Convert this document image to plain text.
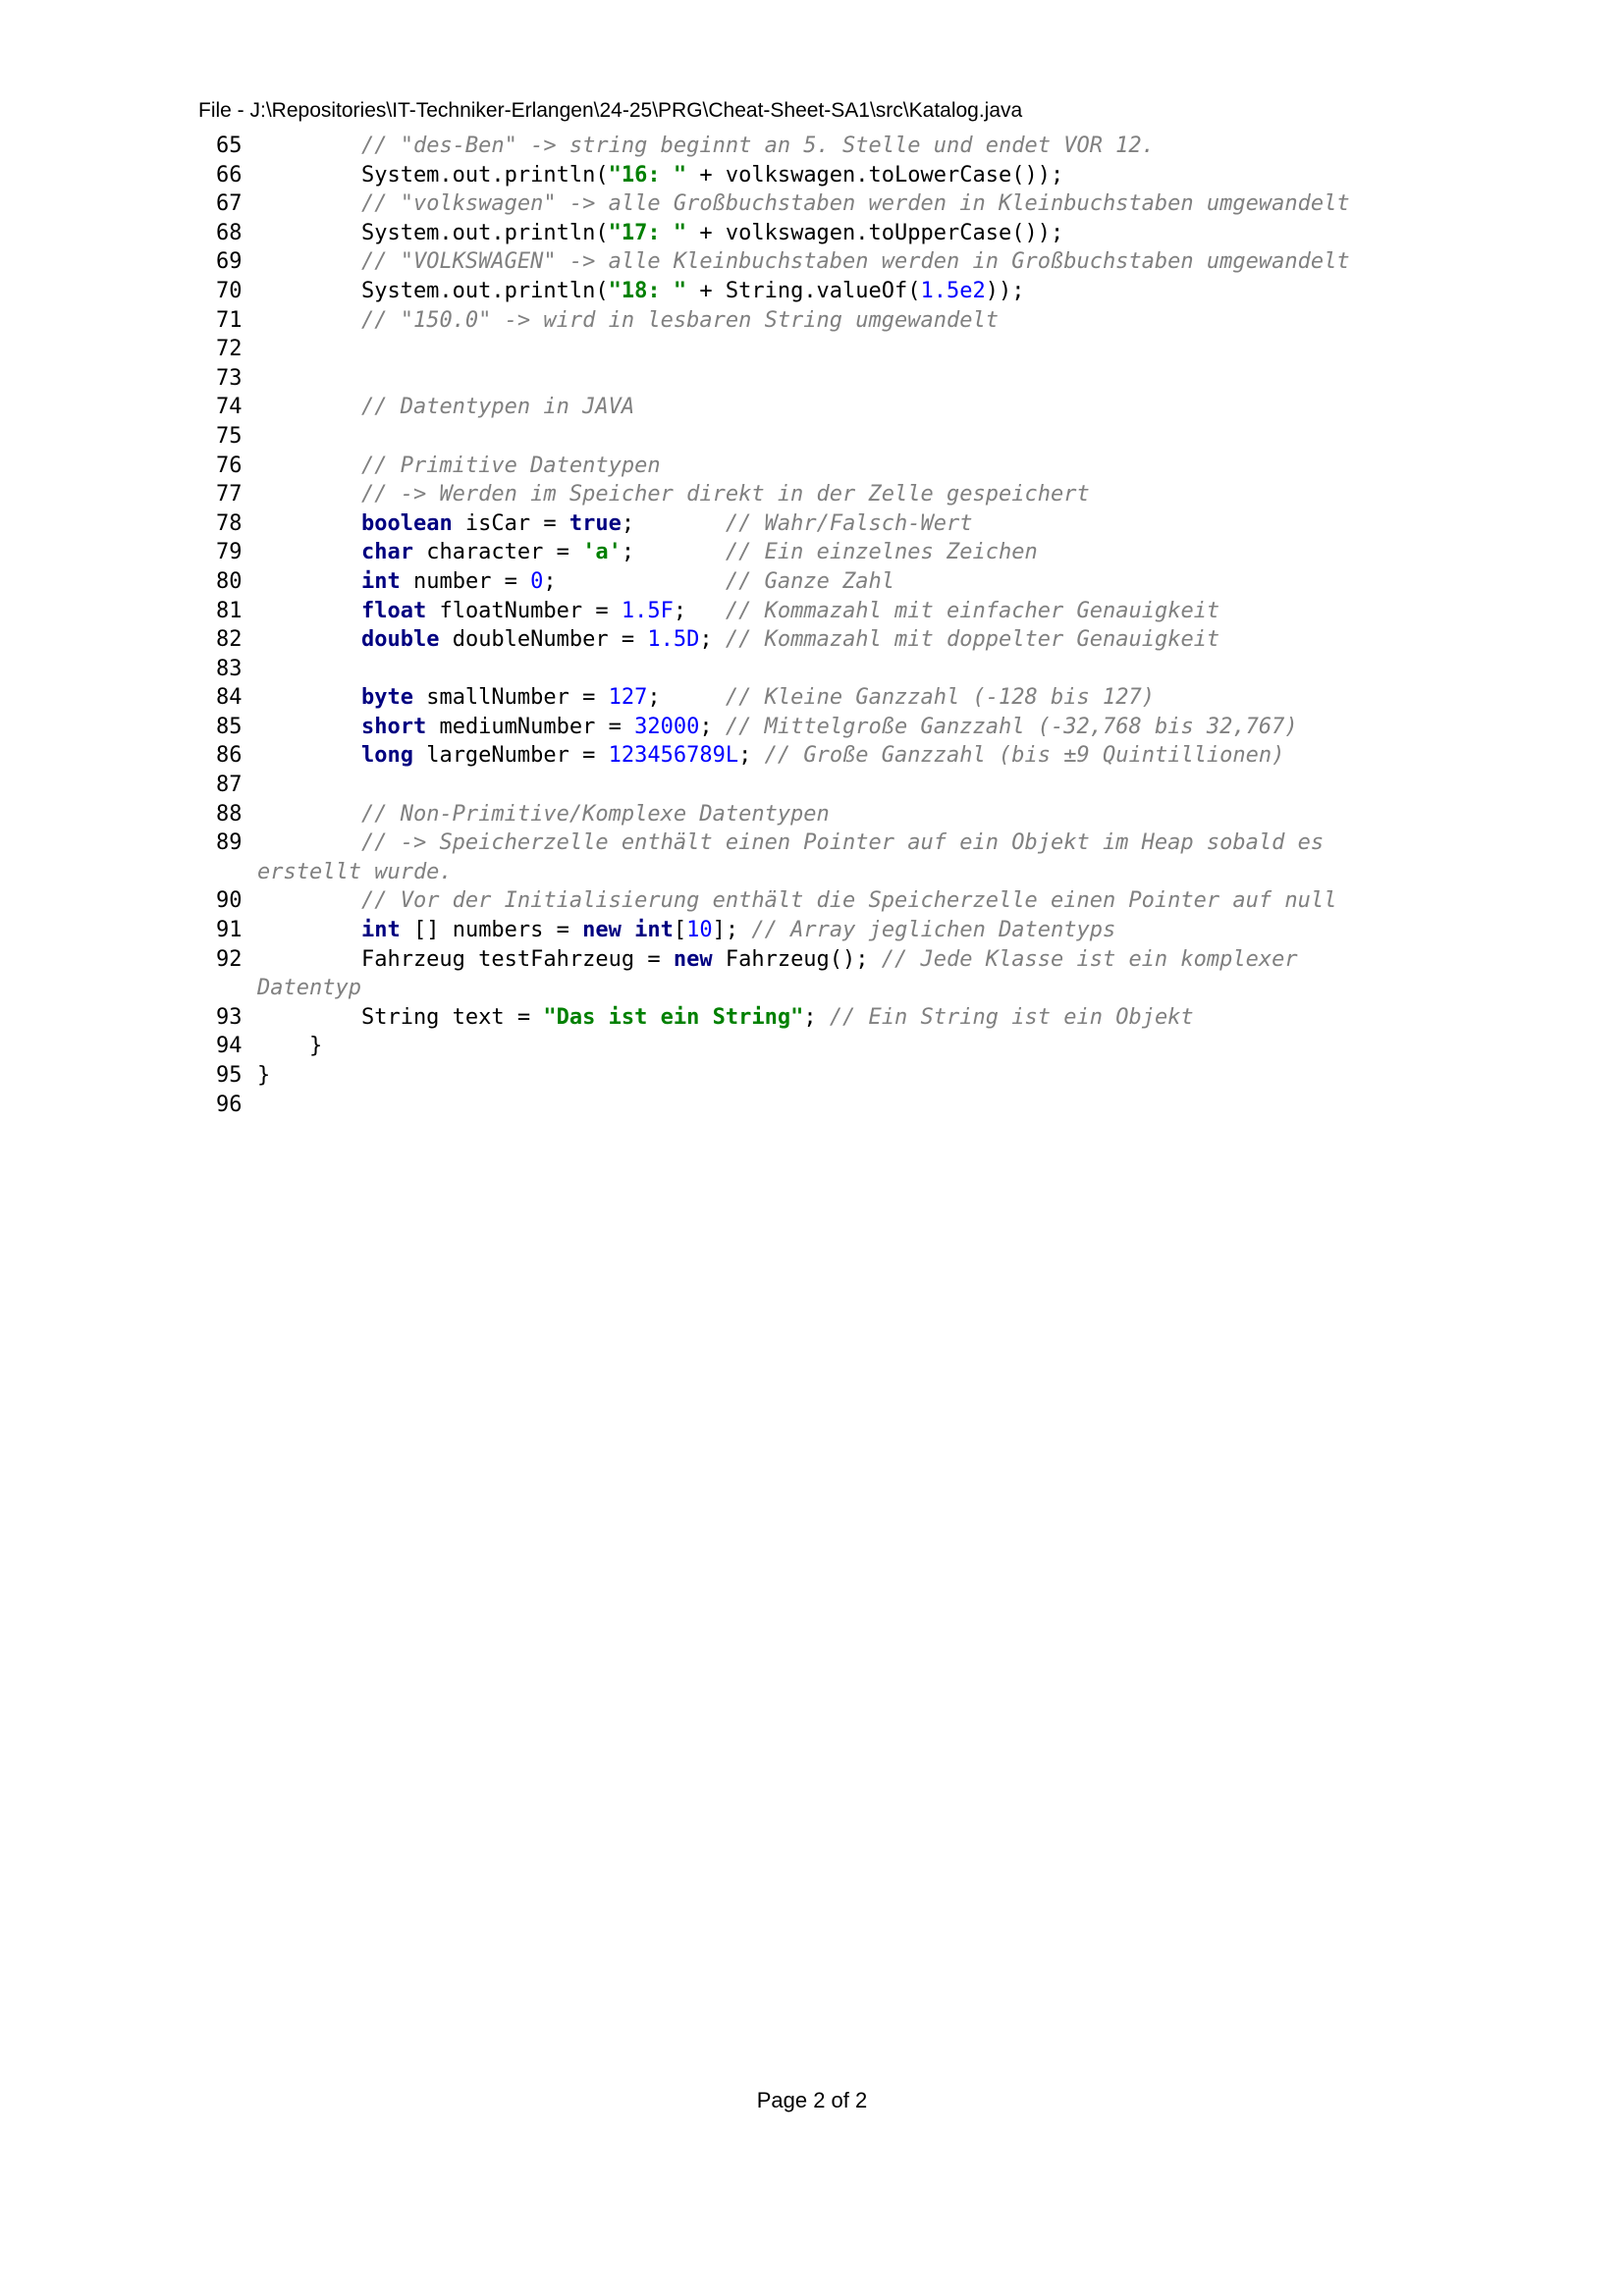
File - J:\Repositories\IT-Techniker-Erlangen\24-25\PRG\Cheat-Sheet-SA1\src\Katalog.java
65	// "des-Ben" -> string beginnt an 5. Stelle und endet VOR 12.
66 System.out.println("16: " + volkswagen.toLowerCase());
67	// "volkswagen" -> alle Großbuchstaben werden in Kleinbuchstaben umgewandelt
68 System.out.println("17: " + volkswagen.toUpperCase());
69	// "VOLKSWAGEN" -> alle Kleinbuchstaben werden in Großbuchstaben umgewandelt
70 System.out.println("18: " + String.valueOf(1.5e2));
71	// "150.0" -> wird in lesbaren String umgewandelt
72
73
74	// Datentypen in JAVA
75
76	// Primitive Datentypen
77	// -> Werden im Speicher direkt in der Zelle gespeichert
78	boolean isCar = true;       // Wahr/Falsch-Wert
79	char character = 'a';       // Ein einzelnes Zeichen
80	int number = 0;             // Ganze Zahl
81	float floatNumber = 1.5F;   // Kommazahl mit einfacher Genauigkeit
82	double doubleNumber = 1.5D; // Kommazahl mit doppelter Genauigkeit
83
84	byte smallNumber = 127;     // Kleine Ganzzahl (-128 bis 127)
85	short mediumNumber = 32000; // Mittelgroße Ganzzahl (-32,768 bis 32,767)
86	long largeNumber = 123456789L; // Große Ganzzahl (bis ±9 Quintillionen)
87
88	// Non-Primitive/Komplexe Datentypen
89	// -> Speicherzelle enthält einen Pointer auf ein Objekt im Heap sobald es
erstellt wurde.
90	// Vor der Initialisierung enthält die Speicherzelle einen Pointer auf null
91	int [] numbers = new int[10]; // Array jeglichen Datentyps
92 Fahrzeug testFahrzeug = new Fahrzeug(); // Jede Klasse ist ein komplexer
Datentyp
93 String text = "Das ist ein String"; // Ein String ist ein Objekt
94 }
95 }
96
Page 2 of 2
